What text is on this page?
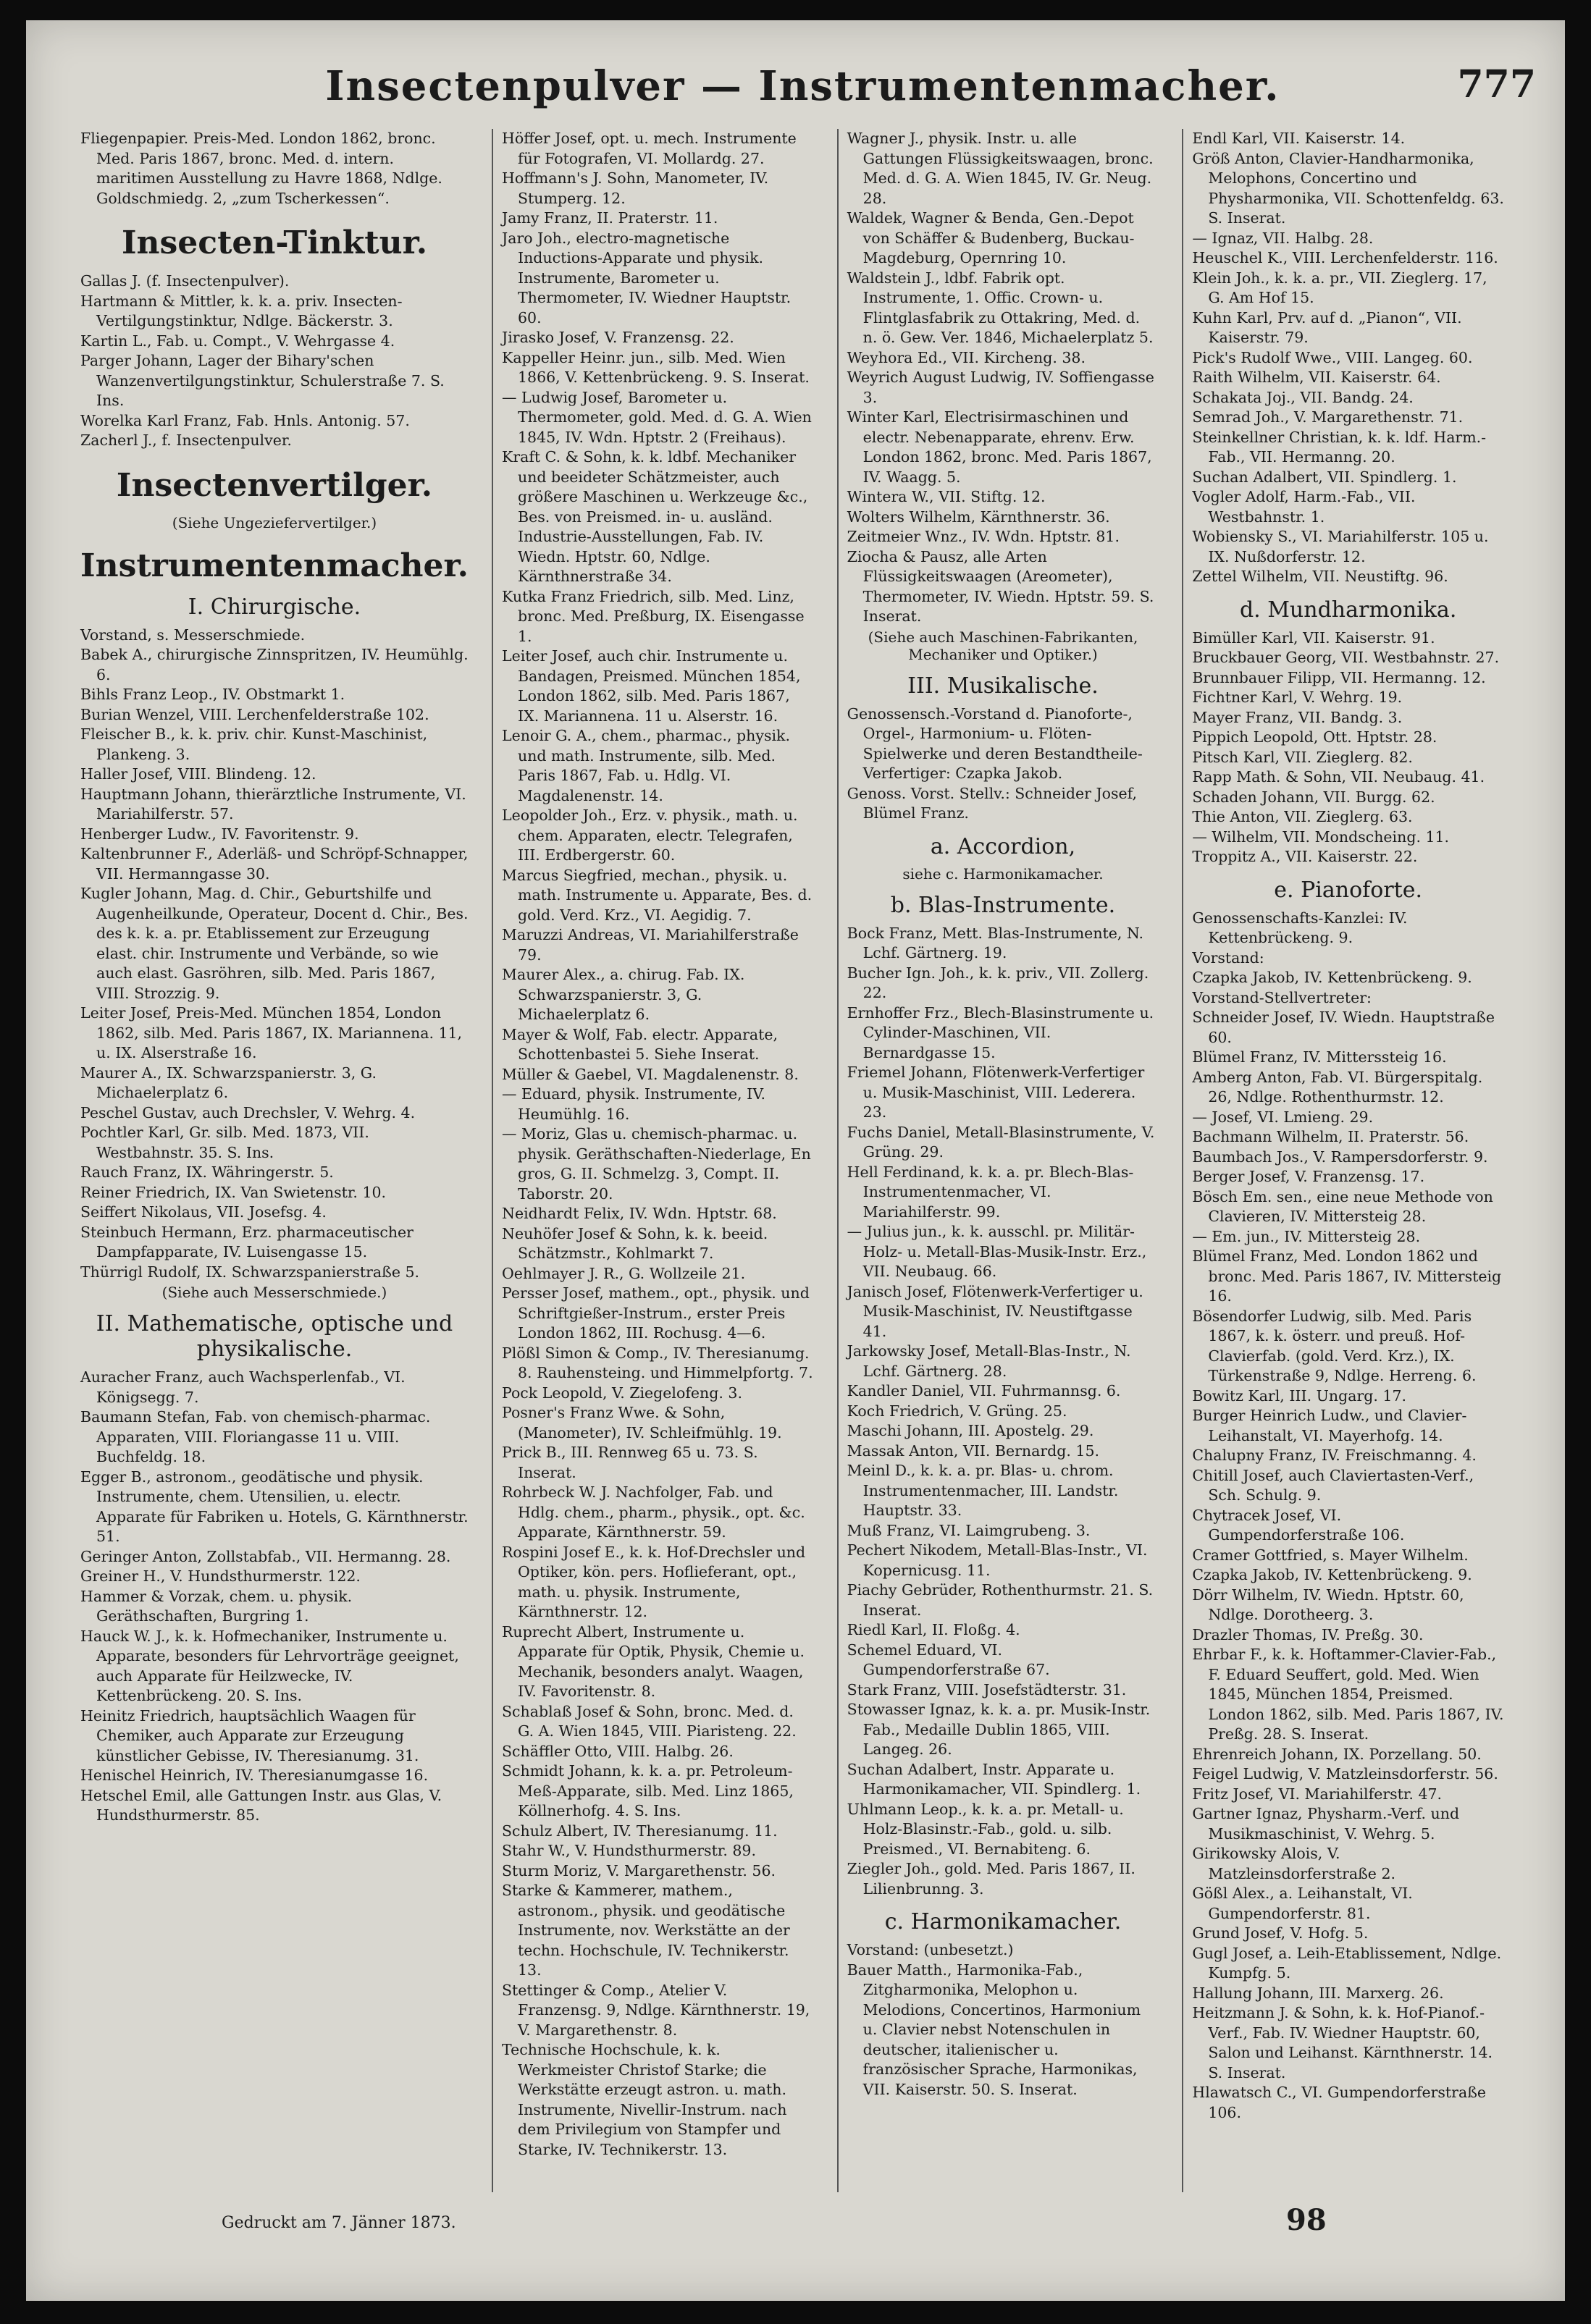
Insectenpulver — Instrumentenmacher.	777

Fliegenpapier. Preis-Med. London 1862, bronc. Med. Paris 1867, bronc. Med. d. intern. maritimen Ausstellung zu Havre 1868, Ndlge. Goldschmiedg. 2, „zum Tscherkessen“.

Insecten-Tinktur.

Gallas J. (f. Insectenpulver).

Hartmann & Mittler, k. k. a. priv. Insecten-Vertilgungstinktur, Ndlge. Bäckerstr. 3.

Kartin L., Fab. u. Compt., V. Wehrgasse 4.

Parger Johann, Lager der Bihary'schen Wanzenvertilgungstinktur, Schulerstraße 7. S. Ins.

Worelka Karl Franz, Fab. Hnls. Antonig. 57.

Zacherl J., f. Insectenpulver.

Insectenvertilger.

(Siehe Ungeziefervertilger.)

Instrumentenmacher.

I. Chirurgische.

Vorstand, s. Messerschmiede.

Babek A., chirurgische Zinnspritzen, IV. Heumühlg. 6.

Bihls Franz Leop., IV. Obstmarkt 1.

Burian Wenzel, VIII. Lerchenfelderstraße 102.

Fleischer B., k. k. priv. chir. Kunst-Maschinist, Plankeng. 3.

Haller Josef, VIII. Blindeng. 12.

Hauptmann Johann, thierärztliche Instrumente, VI. Mariahilferstr. 57.

Henberger Ludw., IV. Favoritenstr. 9.

Kaltenbrunner F., Aderläß- und Schröpf-Schnapper, VII. Hermanngasse 30.

Kugler Johann, Mag. d. Chir., Geburtshilfe und Augenheilkunde, Operateur, Docent d. Chir., Bes. des k. k. a. pr. Etablissement zur Erzeugung elast. chir. Instrumente und Verbände, so wie auch elast. Gasröhren, silb. Med. Paris 1867, VIII. Strozzig. 9.

Leiter Josef, Preis-Med. München 1854, London 1862, silb. Med. Paris 1867, IX. Mariannena. 11, u. IX. Alserstraße 16.

Maurer A., IX. Schwarzspanierstr. 3, G. Michaelerplatz 6.

Peschel Gustav, auch Drechsler, V. Wehrg. 4.

Pochtler Karl, Gr. silb. Med. 1873, VII. Westbahnstr. 35. S. Ins.

Rauch Franz, IX. Währingerstr. 5.

Reiner Friedrich, IX. Van Swietenstr. 10.

Seiffert Nikolaus, VII. Josefsg. 4.

Steinbuch Hermann, Erz. pharmaceutischer Dampfapparate, IV. Luisengasse 15.

Thürrigl Rudolf, IX. Schwarzspanierstraße 5.

(Siehe auch Messerschmiede.)

II. Mathematische, optische und physikalische.

Auracher Franz, auch Wachsperlenfab., VI. Königsegg. 7.

Baumann Stefan, Fab. von chemisch-pharmac. Apparaten, VIII. Floriangasse 11 u. VIII. Buchfeldg. 18.

Egger B., astronom., geodätische und physik. Instrumente, chem. Utensilien, u. electr. Apparate für Fabriken u. Hotels, G. Kärnthnerstr. 51.

Geringer Anton, Zollstabfab., VII. Hermanng. 28.

Greiner H., V. Hundsthurmerstr. 122.

Hammer & Vorzak, chem. u. physik. Geräthschaften, Burgring 1.

Hauck W. J., k. k. Hofmechaniker, Instrumente u. Apparate, besonders für Lehrvorträge geeignet, auch Apparate für Heilzwecke, IV. Kettenbrückeng. 20. S. Ins.

Heinitz Friedrich, hauptsächlich Waagen für Chemiker, auch Apparate zur Erzeugung künstlicher Gebisse, IV. Theresianumg. 31.

Henischel Heinrich, IV. Theresianumgasse 16.

Hetschel Emil, alle Gattungen Instr. aus Glas, V. Hundsthurmerstr. 85.

Höffer Josef, opt. u. mech. Instrumente für Fotografen, VI. Mollardg. 27.

Hoffmann's J. Sohn, Manometer, IV. Stumperg. 12.

Jamy Franz, II. Praterstr. 11.

Jaro Joh., electro-magnetische Inductions-Apparate und physik. Instrumente, Barometer u. Thermometer, IV. Wiedner Hauptstr. 60.

Jirasko Josef, V. Franzensg. 22.

Kappeller Heinr. jun., silb. Med. Wien 1866, V. Kettenbrückeng. 9. S. Inserat.

— Ludwig Josef, Barometer u. Thermometer, gold. Med. d. G. A. Wien 1845, IV. Wdn. Hptstr. 2 (Freihaus).

Kraft C. & Sohn, k. k. ldbf. Mechaniker und beeideter Schätzmeister, auch größere Maschinen u. Werkzeuge &c., Bes. von Preismed. in- u. ausländ. Industrie-Ausstellungen, Fab. IV. Wiedn. Hptstr. 60, Ndlge. Kärnthnerstraße 34.

Kutka Franz Friedrich, silb. Med. Linz, bronc. Med. Preßburg, IX. Eisengasse 1.

Leiter Josef, auch chir. Instrumente u. Bandagen, Preismed. München 1854, London 1862, silb. Med. Paris 1867, IX. Mariannena. 11 u. Alserstr. 16.

Lenoir G. A., chem., pharmac., physik. und math. Instrumente, silb. Med. Paris 1867, Fab. u. Hdlg. VI. Magdalenenstr. 14.

Leopolder Joh., Erz. v. physik., math. u. chem. Apparaten, electr. Telegrafen, III. Erdbergerstr. 60.

Marcus Siegfried, mechan., physik. u. math. Instrumente u. Apparate, Bes. d. gold. Verd. Krz., VI. Aegidig. 7.

Maruzzi Andreas, VI. Mariahilferstraße 79.

Maurer Alex., a. chirug. Fab. IX. Schwarzspanierstr. 3, G. Michaelerplatz 6.

Mayer & Wolf, Fab. electr. Apparate, Schottenbastei 5. Siehe Inserat.

Müller & Gaebel, VI. Magdalenenstr. 8.

— Eduard, physik. Instrumente, IV. Heumühlg. 16.

— Moriz, Glas u. chemisch-pharmac. u. physik. Geräthschaften-Niederlage, En gros, G. II. Schmelzg. 3, Compt. II. Taborstr. 20.

Neidhardt Felix, IV. Wdn. Hptstr. 68.

Neuhöfer Josef & Sohn, k. k. beeid. Schätzmstr., Kohlmarkt 7.

Oehlmayer J. R., G. Wollzeile 21.

Persser Josef, mathem., opt., physik. und Schriftgießer-Instrum., erster Preis London 1862, III. Rochusg. 4—6.

Plößl Simon & Comp., IV. Theresianumg. 8. Rauhensteing. und Himmelpfortg. 7.

Pock Leopold, V. Ziegelofeng. 3.

Posner's Franz Wwe. & Sohn, (Manometer), IV. Schleifmühlg. 19.

Prick B., III. Rennweg 65 u. 73. S. Inserat.

Rohrbeck W. J. Nachfolger, Fab. und Hdlg. chem., pharm., physik., opt. &c. Apparate, Kärnthnerstr. 59.

Rospini Josef E., k. k. Hof-Drechsler und Optiker, kön. pers. Hoflieferant, opt., math. u. physik. Instrumente, Kärnthnerstr. 12.

Ruprecht Albert, Instrumente u. Apparate für Optik, Physik, Chemie u. Mechanik, besonders analyt. Waagen, IV. Favoritenstr. 8.

Schablaß Josef & Sohn, bronc. Med. d. G. A. Wien 1845, VIII. Piaristeng. 22.

Schäffler Otto, VIII. Halbg. 26.

Schmidt Johann, k. k. a. pr. Petroleum-Meß-Apparate, silb. Med. Linz 1865, Köllnerhofg. 4. S. Ins.

Schulz Albert, IV. Theresianumg. 11.

Stahr W., V. Hundsthurmerstr. 89.

Sturm Moriz, V. Margarethenstr. 56.

Starke & Kammerer, mathem., astronom., physik. und geodätische Instrumente, nov. Werkstätte an der techn. Hochschule, IV. Technikerstr. 13.

Stettinger & Comp., Atelier V. Franzensg. 9, Ndlge. Kärnthnerstr. 19, V. Margarethenstr. 8.

Technische Hochschule, k. k. Werkmeister Christof Starke; die Werkstätte erzeugt astron. u. math. Instrumente, Nivellir-Instrum. nach dem Privilegium von Stampfer und Starke, IV. Technikerstr. 13.

Wagner J., physik. Instr. u. alle Gattungen Flüssigkeitswaagen, bronc. Med. d. G. A. Wien 1845, IV. Gr. Neug. 28.

Waldek, Wagner & Benda, Gen.-Depot von Schäffer & Budenberg, Buckau-Magdeburg, Opernring 10.

Waldstein J., ldbf. Fabrik opt. Instrumente, 1. Offic. Crown- u. Flintglasfabrik zu Ottakring, Med. d. n. ö. Gew. Ver. 1846, Michaelerplatz 5.

Weyhora Ed., VII. Kircheng. 38.

Weyrich August Ludwig, IV. Soffiengasse 3.

Winter Karl, Electrisirmaschinen und electr. Nebenapparate, ehrenv. Erw. London 1862, bronc. Med. Paris 1867, IV. Waagg. 5.

Wintera W., VII. Stiftg. 12.

Wolters Wilhelm, Kärnthnerstr. 36.

Zeitmeier Wnz., IV. Wdn. Hptstr. 81.

Ziocha & Pausz, alle Arten Flüssigkeitswaagen (Areometer), Thermometer, IV. Wiedn. Hptstr. 59. S. Inserat.

(Siehe auch Maschinen-Fabrikanten, Mechaniker und Optiker.)

III. Musikalische.

Genossensch.-Vorstand d. Pianoforte-, Orgel-, Harmonium- u. Flöten-Spielwerke und deren Bestandtheile-Verfertiger: Czapka Jakob.

Genoss. Vorst. Stellv.: Schneider Josef, Blümel Franz.

a. Accordion,

siehe c. Harmonikamacher.

b. Blas-Instrumente.

Bock Franz, Mett. Blas-Instrumente, N. Lchf. Gärtnerg. 19.

Bucher Ign. Joh., k. k. priv., VII. Zollerg. 22.

Ernhoffer Frz., Blech-Blasinstrumente u. Cylinder-Maschinen, VII. Bernardgasse 15.

Friemel Johann, Flötenwerk-Verfertiger u. Musik-Maschinist, VIII. Lederera. 23.

Fuchs Daniel, Metall-Blasinstrumente, V. Grüng. 29.

Hell Ferdinand, k. k. a. pr. Blech-Blas-Instrumentenmacher, VI. Mariahilferstr. 99.

— Julius jun., k. k. ausschl. pr. Militär-Holz- u. Metall-Blas-Musik-Instr. Erz., VII. Neubaug. 66.

Janisch Josef, Flötenwerk-Verfertiger u. Musik-Maschinist, IV. Neustiftgasse 41.

Jarkowsky Josef, Metall-Blas-Instr., N. Lchf. Gärtnerg. 28.

Kandler Daniel, VII. Fuhrmannsg. 6.

Koch Friedrich, V. Grüng. 25.

Maschi Johann, III. Apostelg. 29.

Massak Anton, VII. Bernardg. 15.

Meinl D., k. k. a. pr. Blas- u. chrom. Instrumentenmacher, III. Landstr. Hauptstr. 33.

Muß Franz, VI. Laimgrubeng. 3.

Pechert Nikodem, Metall-Blas-Instr., VI. Kopernicusg. 11.

Piachy Gebrüder, Rothenthurmstr. 21. S. Inserat.

Riedl Karl, II. Floßg. 4.

Schemel Eduard, VI. Gumpendorferstraße 67.

Stark Franz, VIII. Josefstädterstr. 31.

Stowasser Ignaz, k. k. a. pr. Musik-Instr. Fab., Medaille Dublin 1865, VIII. Langeg. 26.

Suchan Adalbert, Instr. Apparate u. Harmonikamacher, VII. Spindlerg. 1.

Uhlmann Leop., k. k. a. pr. Metall- u. Holz-Blasinstr.-Fab., gold. u. silb. Preismed., VI. Bernabiteng. 6.

Ziegler Joh., gold. Med. Paris 1867, II. Lilienbrunng. 3.

c. Harmonikamacher.

Vorstand: (unbesetzt.)

Bauer Matth., Harmonika-Fab., Zitgharmonika, Melophon u. Melodions, Concertinos, Harmonium u. Clavier nebst Notenschulen in deutscher, italienischer u. französischer Sprache, Harmonikas, VII. Kaiserstr. 50. S. Inserat.

Endl Karl, VII. Kaiserstr. 14.

Größ Anton, Clavier-Handharmonika, Melophons, Concertino und Physharmonika, VII. Schottenfeldg. 63. S. Inserat.

— Ignaz, VII. Halbg. 28.

Heuschel K., VIII. Lerchenfelderstr. 116.

Klein Joh., k. k. a. pr., VII. Zieglerg. 17, G. Am Hof 15.

Kuhn Karl, Prv. auf d. „Pianon“, VII. Kaiserstr. 79.

Pick's Rudolf Wwe., VIII. Langeg. 60.

Raith Wilhelm, VII. Kaiserstr. 64.

Schakata Joj., VII. Bandg. 24.

Semrad Joh., V. Margarethenstr. 71.

Steinkellner Christian, k. k. ldf. Harm.-Fab., VII. Hermanng. 20.

Suchan Adalbert, VII. Spindlerg. 1.

Vogler Adolf, Harm.-Fab., VII. Westbahnstr. 1.

Wobiensky S., VI. Mariahilferstr. 105 u. IX. Nußdorferstr. 12.

Zettel Wilhelm, VII. Neustiftg. 96.

d. Mundharmonika.

Bimüller Karl, VII. Kaiserstr. 91.

Bruckbauer Georg, VII. Westbahnstr. 27.

Brunnbauer Filipp, VII. Hermanng. 12.

Fichtner Karl, V. Wehrg. 19.

Mayer Franz, VII. Bandg. 3.

Pippich Leopold, Ott. Hptstr. 28.

Pitsch Karl, VII. Zieglerg. 82.

Rapp Math. & Sohn, VII. Neubaug. 41.

Schaden Johann, VII. Burgg. 62.

Thie Anton, VII. Zieglerg. 63.

— Wilhelm, VII. Mondscheing. 11.

Troppitz A., VII. Kaiserstr. 22.

e. Pianoforte.

Genossenschafts-Kanzlei: IV. Kettenbrückeng. 9.

Vorstand:

Czapka Jakob, IV. Kettenbrückeng. 9.

Vorstand-Stellvertreter:

Schneider Josef, IV. Wiedn. Hauptstraße 60.

Blümel Franz, IV. Mitterssteig 16.

Amberg Anton, Fab. VI. Bürgerspitalg. 26, Ndlge. Rothenthurmstr. 12.

— Josef, VI. Lmieng. 29.

Bachmann Wilhelm, II. Praterstr. 56.

Baumbach Jos., V. Rampersdorferstr. 9.

Berger Josef, V. Franzensg. 17.

Bösch Em. sen., eine neue Methode von Clavieren, IV. Mittersteig 28.

— Em. jun., IV. Mittersteig 28.

Blümel Franz, Med. London 1862 und bronc. Med. Paris 1867, IV. Mittersteig 16.

Bösendorfer Ludwig, silb. Med. Paris 1867, k. k. österr. und preuß. Hof-Clavierfab. (gold. Verd. Krz.), IX. Türkenstraße 9, Ndlge. Herreng. 6.

Bowitz Karl, III. Ungarg. 17.

Burger Heinrich Ludw., und Clavier-Leihanstalt, VI. Mayerhofg. 14.

Chalupny Franz, IV. Freischmanng. 4.

Chitill Josef, auch Claviertasten-Verf., Sch. Schulg. 9.

Chytracek Josef, VI. Gumpendorferstraße 106.

Cramer Gottfried, s. Mayer Wilhelm.

Czapka Jakob, IV. Kettenbrückeng. 9.

Dörr Wilhelm, IV. Wiedn. Hptstr. 60, Ndlge. Dorotheerg. 3.

Drazler Thomas, IV. Preßg. 30.

Ehrbar F., k. k. Hoftammer-Clavier-Fab., F. Eduard Seuffert, gold. Med. Wien 1845, München 1854, Preismed. London 1862, silb. Med. Paris 1867, IV. Preßg. 28. S. Inserat.

Ehrenreich Johann, IX. Porzellang. 50.

Feigel Ludwig, V. Matzleinsdorferstr. 56.

Fritz Josef, VI. Mariahilferstr. 47.

Gartner Ignaz, Physharm.-Verf. und Musikmaschinist, V. Wehrg. 5.

Girikowsky Alois, V. Matzleinsdorferstraße 2.

Gößl Alex., a. Leihanstalt, VI. Gumpendorferstr. 81.

Grund Josef, V. Hofg. 5.

Gugl Josef, a. Leih-Etablissement, Ndlge. Kumpfg. 5.

Hallung Johann, III. Marxerg. 26.

Heitzmann J. & Sohn, k. k. Hof-Pianof.-Verf., Fab. IV. Wiedner Hauptstr. 60, Salon und Leihanst. Kärnthnerstr. 14. S. Inserat.

Hlawatsch C., VI. Gumpendorferstraße 106.

Gedruckt am 7. Jänner 1873.	98
